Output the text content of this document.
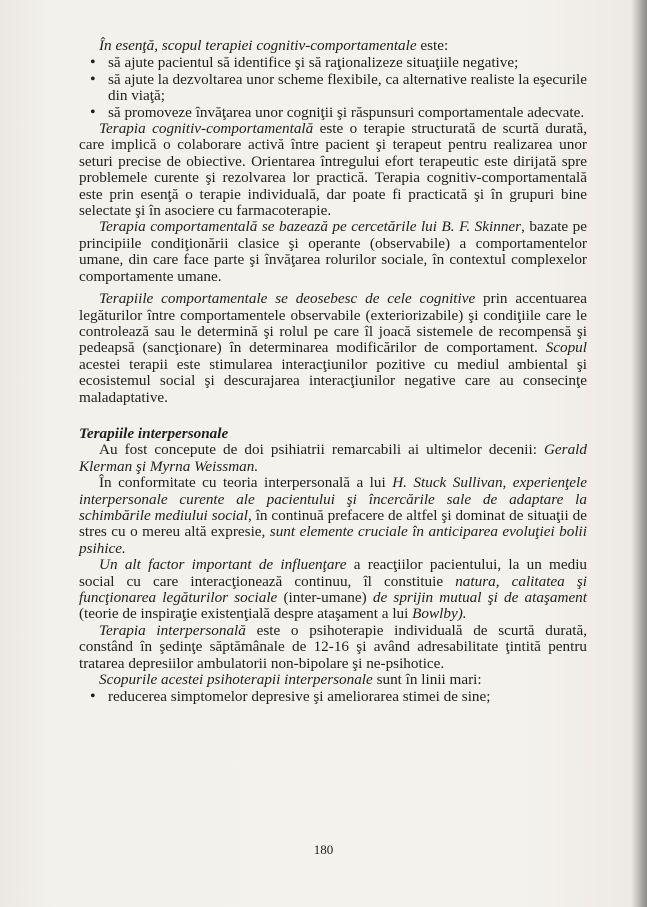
În esenţă, scopul terapiei cognitiv-comportamentale este:

• să ajute pacientul să identifice şi să raţionalizeze situaţiile negative;
• să ajute la dezvoltarea unor scheme flexibile, ca alternative realiste la eşecurile din viaţă;
• să promoveze învăţarea unor cogniţii şi răspunsuri comportamentale adecvate.

Terapia cognitiv-comportamentală este o terapie structurată de scurtă durată, care implică o colaborare activă între pacient şi terapeut pentru realizarea unor seturi precise de obiective. Orientarea întregului efort terapeutic este dirijată spre problemele curente şi rezolvarea lor practică. Terapia cognitiv-comportamentală este prin esenţă o terapie individuală, dar poate fi practicată şi în grupuri bine selectate şi în asociere cu farmacoterapie.

Terapia comportamentală se bazează pe cercetările lui B. F. Skinner, bazate pe principiile condiţionării clasice şi operante (observabile) a comportamentelor umane, din care face parte şi învăţarea rolurilor sociale, în contextul complexelor comportamente umane.

Terapiile comportamentale se deosebesc de cele cognitive prin accentuarea legăturilor între comportamentele observabile (exteriorizabile) şi condiţiile care le controlează sau le determină şi rolul pe care îl joacă sistemele de recompensă şi pedeapsă (sancţionare) în determinarea modificărilor de comportament. Scopul acestei terapii este stimularea interacţiunilor pozitive cu mediul ambiental şi ecosistemul social şi descurajarea interacţiunilor negative care au consecinţe maladaptative.

Terapiile interpersonale

Au fost concepute de doi psihiatrii remarcabili ai ultimelor decenii: Gerald Klerman şi Myrna Weissman.

În conformitate cu teoria interpersonală a lui H. Stuck Sullivan, experienţele interpersonale curente ale pacientului şi încercările sale de adaptare la schimbările mediului social, în continuă prefacere de altfel şi dominat de situaţii de stres cu o mereu altă expresie, sunt elemente cruciale în anticiparea evoluţiei bolii psihice.

Un alt factor important de influenţare a reacţiilor pacientului, la un mediu social cu care interacţionează continuu, îl constituie natura, calitatea şi funcţionarea legăturilor sociale (inter-umane) de sprijin mutual şi de ataşament (teorie de inspiraţie existenţială despre ataşament a lui Bowlby).

Terapia interpersonală este o psihoterapie individuală de scurtă durată, constând în şedinţe săptămânale de 12-16 şi având adresabilitate ţintită pentru tratarea depresiilor ambulatorii non-bipolare şi ne-psihotice.

Scopurile acestei psihoterapii interpersonale sunt în linii mari:

• reducerea simptomelor depresive şi ameliorarea stimei de sine;
180
